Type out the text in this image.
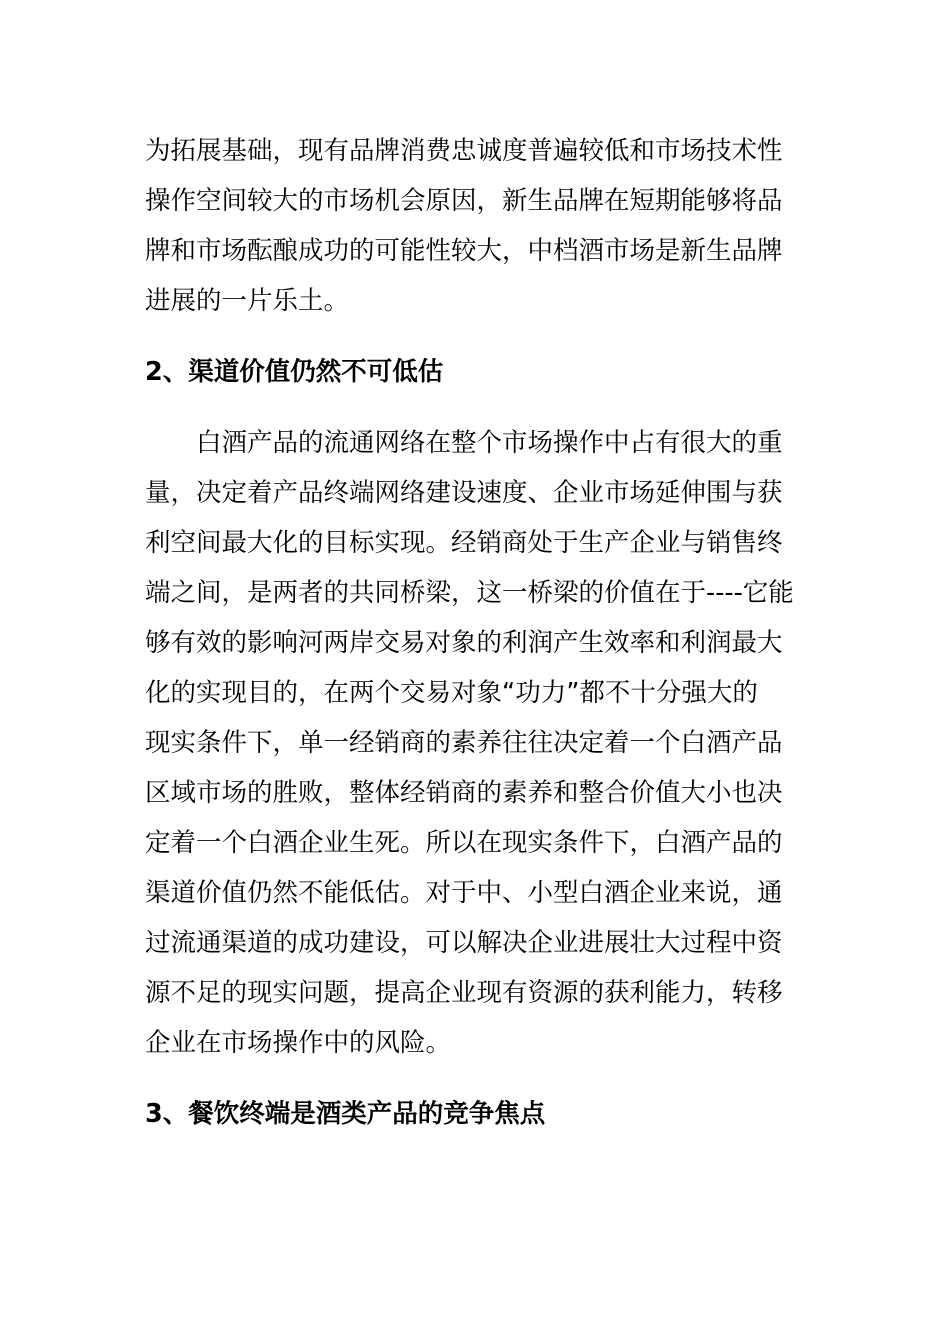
为拓展基础，现有品牌消费忠诚度普遍较低和市场技术性
操作空间较大的市场机会原因，新生品牌在短期能够将品
牌和市场酝酿成功的可能性较大，中档酒市场是新生品牌
进展的一片乐土。
2、渠道价值仍然不可低估
白酒产品的流通网络在整个市场操作中占有很大的重
量，决定着产品终端网络建设速度、企业市场延伸围与获
利空间最大化的目标实现。经销商处于生产企业与销售终
端之间，是两者的共同桥梁，这一桥梁的价值在于----它能
够有效的影响河两岸交易对象的利润产生效率和利润最大
化的实现目的，在两个交易对象“功力”都不十分强大的
现实条件下，单一经销商的素养往往决定着一个白酒产品
区域市场的胜败，整体经销商的素养和整合价值大小也决
定着一个白酒企业生死。所以在现实条件下，白酒产品的
渠道价值仍然不能低估。对于中、小型白酒企业来说，通
过流通渠道的成功建设，可以解决企业进展壮大过程中资
源不足的现实问题，提高企业现有资源的获利能力，转移
企业在市场操作中的风险。
3、餐饮终端是酒类产品的竞争焦点
